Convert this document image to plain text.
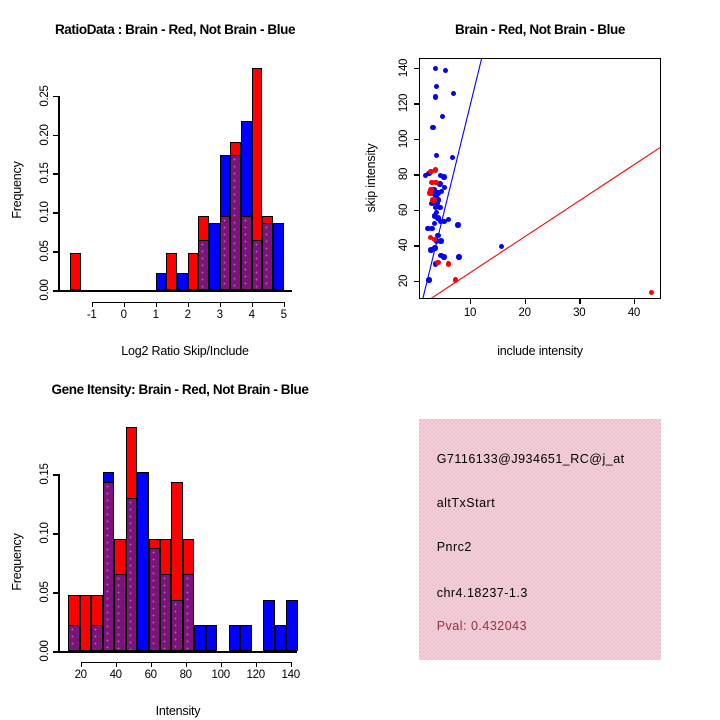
RatioData : Brain - Red, Not Brain - Blue
Log2 Ratio Skip/Include
Frequency
0.00
0.05
0.10
0.15
0.20
0.25
-1	0	1	2	3	4	5
Brain - Red, Not Brain - Blue
include intensity
skip intensity
10	20	30	40
20
40
60
80
100
120
140
Gene Itensity: Brain - Red, Not Brain - Blue
Intensity
Frequency
0.00
0.05
0.10
0.15
20	40	60	80	100	120	140
G7116133@J934651_RC@j_at
altTxStart
Pnrc2
chr4.18237-1.3
Pval: 0.432043
